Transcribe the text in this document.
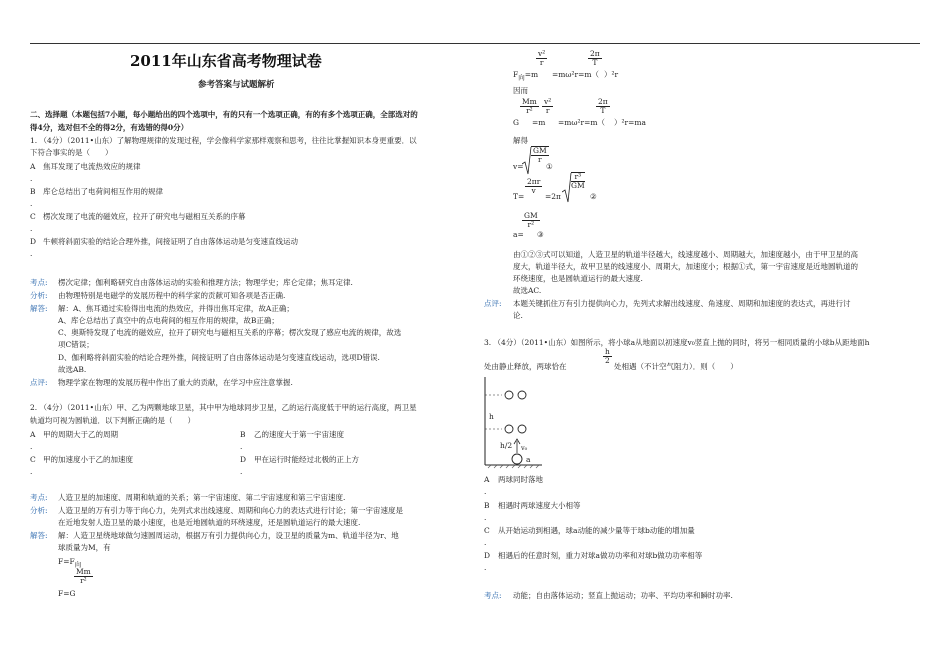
2011年山东省高考物理试卷
参考答案与试题解析
二、选择题（本题包括7小题，每小题给出的四个选项中，有的只有一个选项正确，有的有多个选项正确，全部选对的
得4分，选对但不全的得2分，有选错的得0分）
1. （4分）（2011•山东）了解物理规律的发现过程，学会像科学家那样观察和思考，往往比掌握知识本身更重要．以
下符合事实的是（　　）
A 焦耳发现了电流热效应的规律
.
B 库仑总结出了电荷间相互作用的规律
.
C 楞次发现了电流的磁效应，拉开了研究电与磁相互关系的序幕
.
D 牛顿将斜面实验的结论合理外推，间接证明了自由落体运动是匀变速直线运动
.
考点: 楞次定律；伽利略研究自由落体运动的实验和推理方法；物理学史；库仑定律；焦耳定律.
分析: 由物理特别是电磁学的发展历程中的科学家的贡献可知各项是否正确.
解答: 解：A、焦耳通过实验得出电流的热效应，并得出焦耳定律，故A正确；
A、库仑总结出了真空中的点电荷间的相互作用的规律，故B正确；
C、奥斯特发现了电流的磁效应，拉开了研究电与磁相互关系的序幕；楞次发现了感应电流的规律，故选
项C错误；
D、伽利略将斜面实验的结论合理外推，间接证明了自由落体运动是匀变速直线运动，选项D错误.
故选AB.
点评: 物理学家在物理的发展历程中作出了重大的贡献，在学习中应注意掌握.
2. （4分）（2011•山东）甲、乙为两颗地球卫星，其中甲为地球同步卫星，乙的运行高度低于甲的运行高度，两卫星
轨道均可视为圆轨道．以下判断正确的是（　　）
A 甲的周期大于乙的周期	B 乙的速度大于第一宇宙速度
.	.
C 甲的加速度小于乙的加速度	D 甲在运行时能经过北极的正上方
.	.
考点: 人造卫星的加速度、周期和轨道的关系；第一宇宙速度、第二宇宙速度和第三宇宙速度.
分析: 人造卫星的万有引力等于向心力，先列式求出线速度、周期和向心力的表达式进行讨论；第一宇宙速度是
在近地发射人造卫星的最小速度，也是近地圆轨道的环绕速度，还是圆轨道运行的最大速度.
解答: 解：人造卫星绕地球做匀速圆周运动，根据万有引力提供向心力，设卫星的质量为m、轨道半径为r、地
球质量为M，有
$F=F_向$
F=G
$\frac{Mm}{\text{r²}}$
$F_向=m$
$\frac{\text{v²}}{r}$
=mω²r=m（
$\frac{2\pi}{T}$
）²r
因而
G
$\frac{Mm}{\text{r²}}$
=m
$\frac{\text{v²}}{r}$
=mω²r=m（
$\frac{2\pi}{T}$
）²r=ma
解得
v=
$\frac{GM}{r}$
①
T=
$\frac{2\pi r}{v}$
=2π
r³
GM
②
a=
$\frac{GM}{\text{r²}}$
③
由①②③式可以知道，人造卫星的轨道半径越大，线速度越小、周期越大，加速度越小，由于甲卫星的高
度大，轨道半径大，故甲卫星的线速度小、周期大，加速度小；根据①式，第一宇宙速度是近地圆轨道的
环绕速度，也是圆轨道运行的最大速度.
故选AC.
点评: 本题关键抓住万有引力提供向心力，先列式求解出线速度、角速度、周期和加速度的表达式，再进行讨
论.
3. （4分）（2011•山东）如图所示，将小球a从地面以初速度v₀竖直上抛的同时，将另一相同质量的小球b从距地面h
处由静止释放，两球恰在
$\frac{h}{2}$
处相遇（不计空气阻力）．则（　　）
h
h/2 v₀
a
A 两球同时落地
.
B 相遇时两球速度大小相等
.
C 从开始运动到相遇，球a动能的减少量等于球b动能的增加量
.
D 相遇后的任意时刻，重力对球a做功功率和对球b做功功率相等
.
考点: 动能；自由落体运动；竖直上抛运动；功率、平均功率和瞬时功率.
